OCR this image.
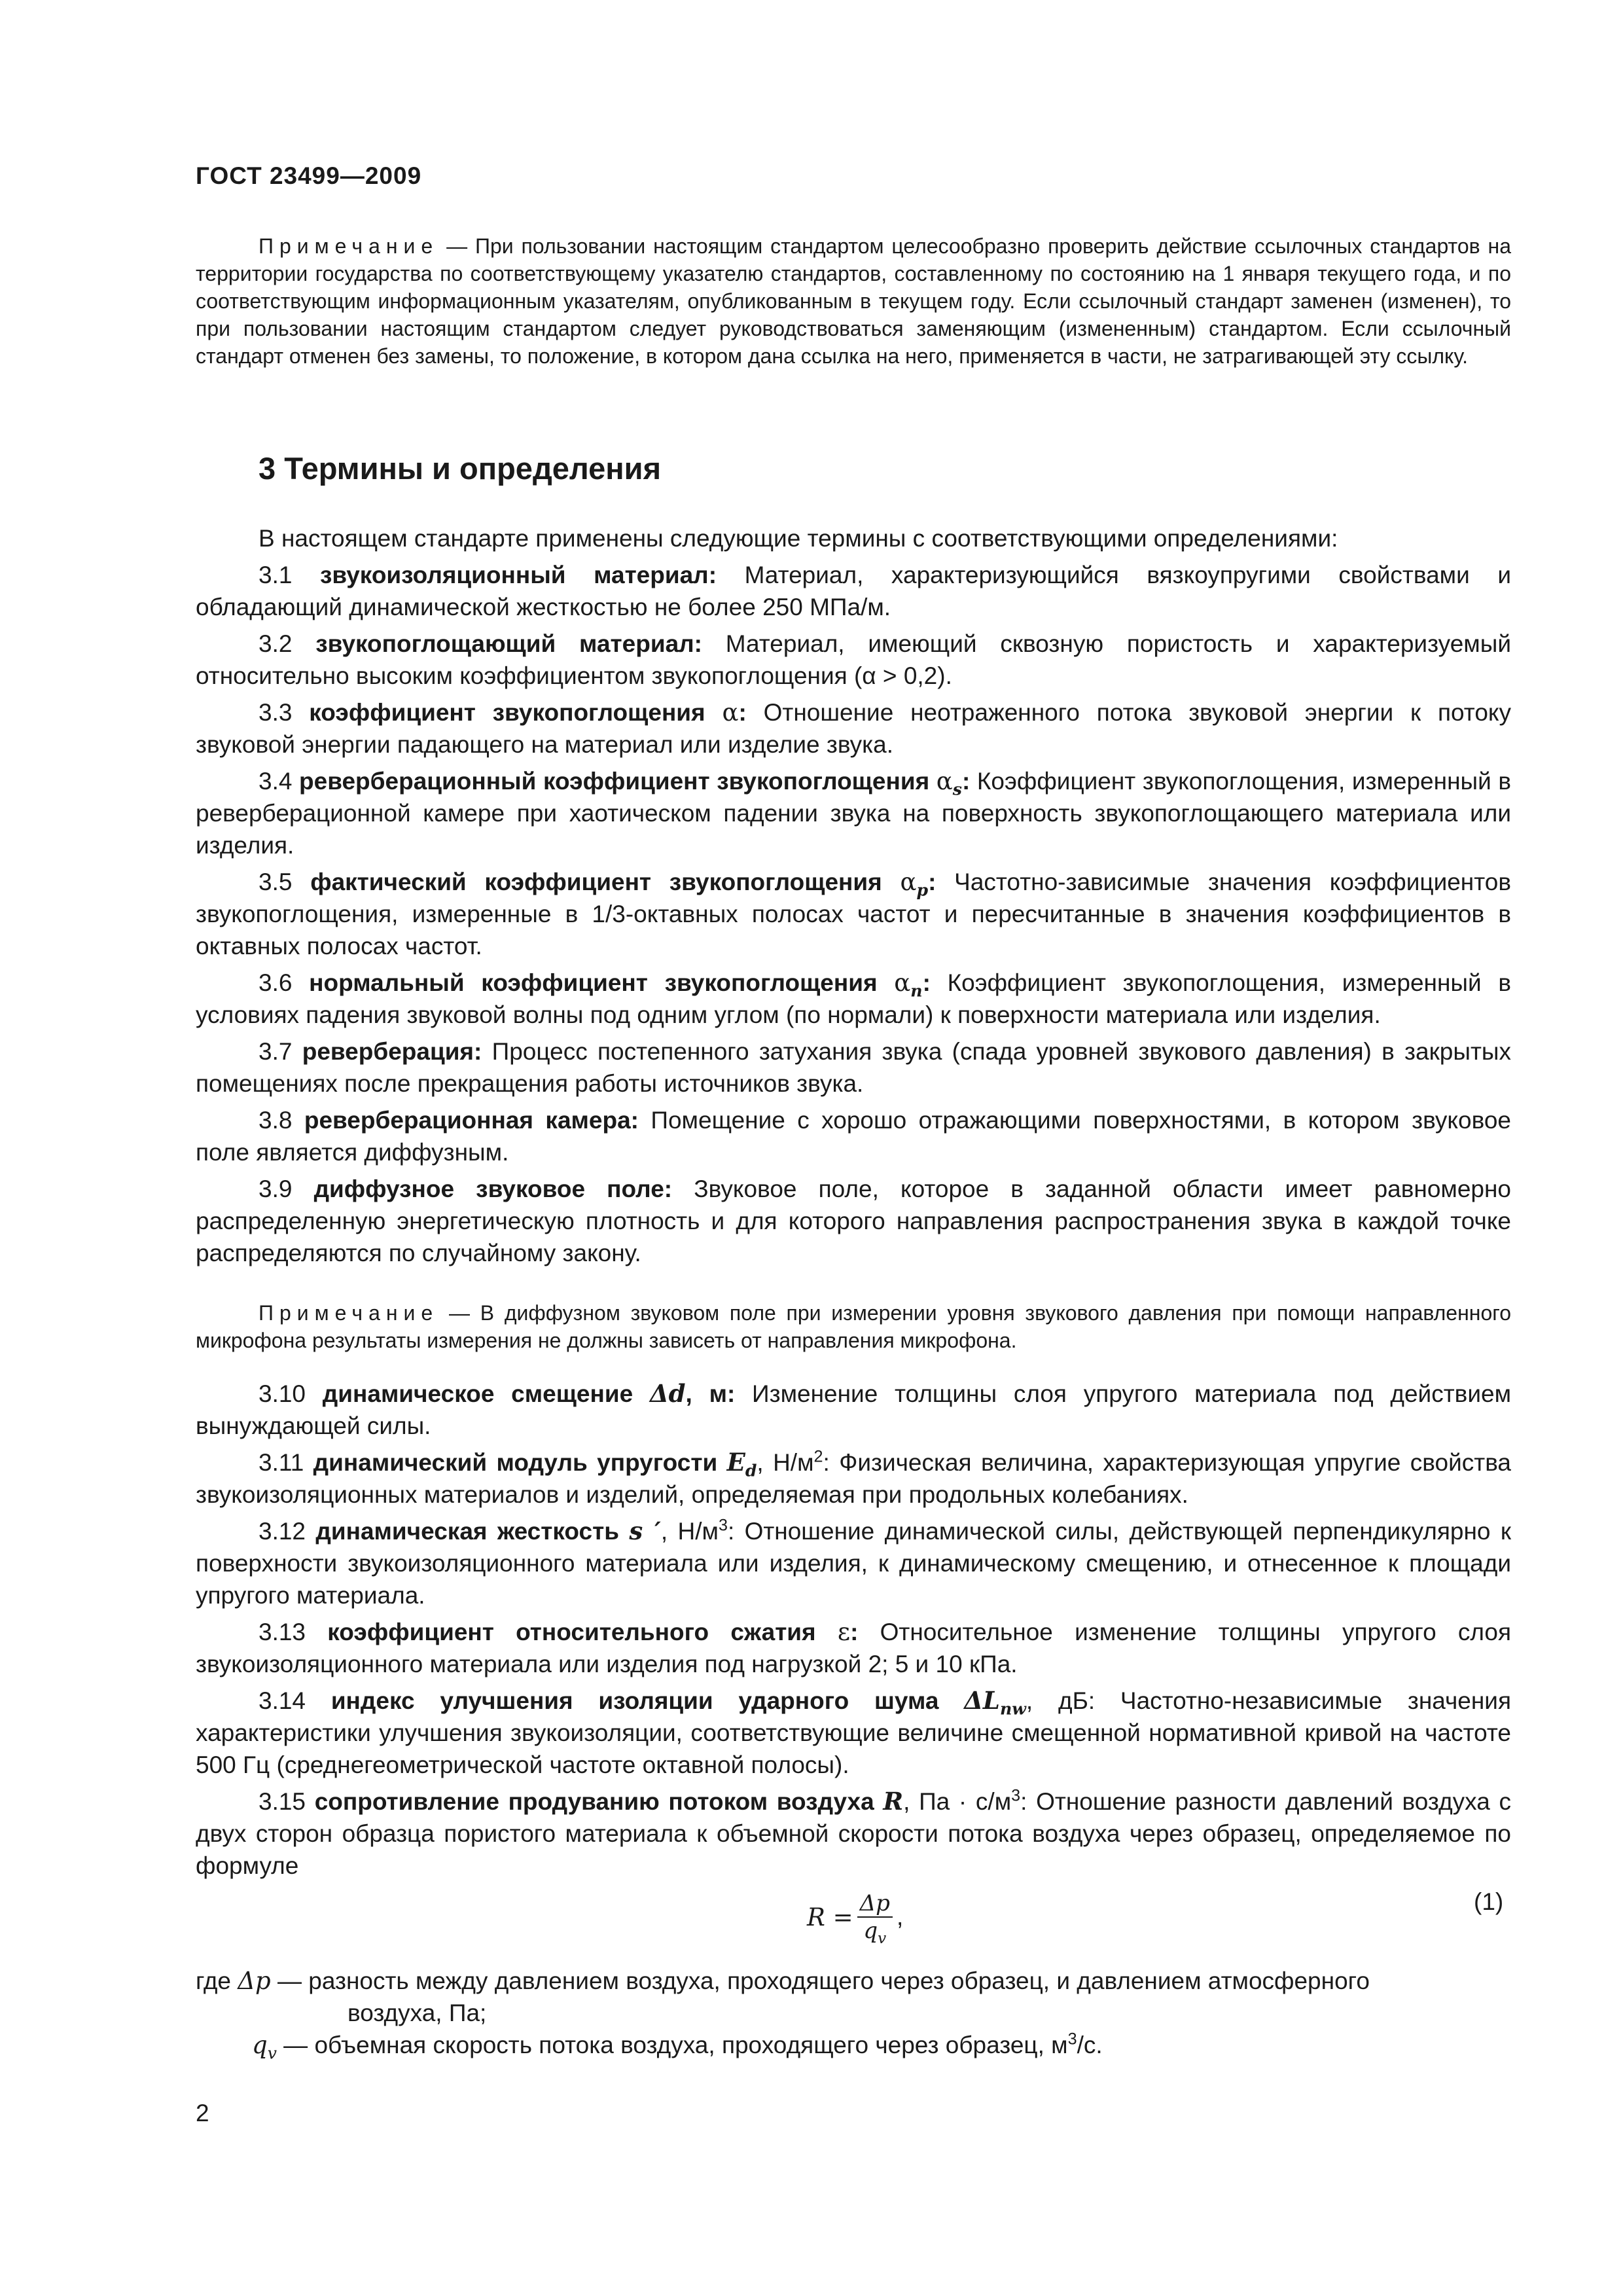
ГОСТ 23499—2009
Примечание — При пользовании настоящим стандартом целесообразно проверить действие ссылочных стандартов на территории государства по соответствующему указателю стандартов, составленному по состоянию на 1 января текущего года, и по соответствующим информационным указателям, опубликованным в текущем году. Если ссылочный стандарт заменен (изменен), то при пользовании настоящим стандартом следует руководствоваться заменяющим (измененным) стандартом. Если ссылочный стандарт отменен без замены, то положение, в котором дана ссылка на него, применяется в части, не затрагивающей эту ссылку.
3 Термины и определения

В настоящем стандарте применены следующие термины с соответствующими определениями:

3.1 звукоизоляционный материал: Материал, характеризующийся вязкоупругими свойствами и обладающий динамической жесткостью не более 250 МПа/м.

3.2 звукопоглощающий материал: Материал, имеющий сквозную пористость и характеризуемый относительно высоким коэффициентом звукопоглощения (α > 0,2).

3.3 коэффициент звукопоглощения α: Отношение неотраженного потока звуковой энергии к потоку звуковой энергии падающего на материал или изделие звука.

3.4 реверберационный коэффициент звукопоглощения $\alpha_s$: Коэффициент звукопоглощения, измеренный в реверберационной камере при хаотическом падении звука на поверхность звукопоглощающего материала или изделия.

3.5 фактический коэффициент звукопоглощения $\alpha_p$: Частотно-зависимые значения коэффициентов звукопоглощения, измеренные в 1/3-октавных полосах частот и пересчитанные в значения коэффициентов в октавных полосах частот.

3.6 нормальный коэффициент звукопоглощения $\alpha_n$: Коэффициент звукопоглощения, измеренный в условиях падения звуковой волны под одним углом (по нормали) к поверхности материала или изделия.

3.7 реверберация: Процесс постепенного затухания звука (спада уровней звукового давления) в закрытых помещениях после прекращения работы источников звука.

3.8 реверберационная камера: Помещение с хорошо отражающими поверхностями, в котором звуковое поле является диффузным.

3.9 диффузное звуковое поле: Звуковое поле, которое в заданной области имеет равномерно распределенную энергетическую плотность и для которого направления распространения звука в каждой точке распределяются по случайному закону.

Примечание — В диффузном звуковом поле при измерении уровня звукового давления при помощи направленного микрофона результаты измерения не должны зависеть от направления микрофона.

3.10 динамическое смещение Δd, м: Изменение толщины слоя упругого материала под действием вынуждающей силы.

3.11 динамический модуль упругости $E_d$, $Н/м^2$: Физическая величина, характеризующая упругие свойства звукоизоляционных материалов и изделий, определяемая при продольных колебаниях.

3.12 динамическая жесткость s ′, $Н/м^3$: Отношение динамической силы, действующей перпендикулярно к поверхности звукоизоляционного материала или изделия, к динамическому смещению, и отнесенное к площади упругого материала.

3.13 коэффициент относительного сжатия ε: Относительное изменение толщины упругого слоя звукоизоляционного материала или изделия под нагрузкой 2; 5 и 10 кПа.

3.14 индекс улучшения изоляции ударного шума $\Delta L_{nw}$, дБ: Частотно-независимые значения характеристики улучшения звукоизоляции, соответствующие величине смещенной нормативной кривой на частоте 500 Гц (среднегеометрической частоте октавной полосы).

3.15 сопротивление продуванию потоком воздуха R, Па · $с/м^3$: Отношение разности давлений воздуха с двух сторон образца пористого материала к объемной скорости потока воздуха через образец, определяемое по формуле

$R = \frac{\Delta p}{q_v}$ ,
(1)
где Δp — разность между давлением воздуха, проходящего через образец, и давлением атмосферного
воздуха, Па;
$q_v$ — объемная скорость потока воздуха, проходящего через образец, $м^3/с$.
2
